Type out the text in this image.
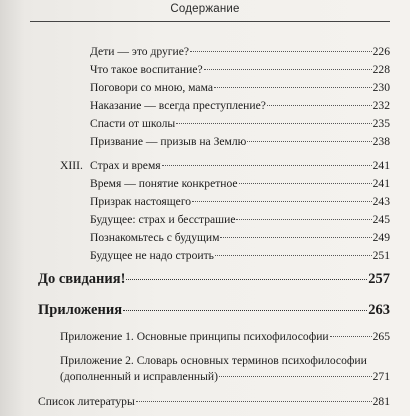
Содержание
Дети — это другие?	226
Что такое воспитание?	228
Поговори со мною, мама	230
Наказание — всегда преступление?	232
Спасти от школы	235
Призвание — призыв на Землю	238
XIII. Страх и время	241
Время — понятие конкретное	241
Призрак настоящего	243
Будущее: страх и бесстрашие	245
Познакомьтесь с будущим	249
Будущее не надо строить	251
До свидания!	257
Приложения	263
Приложение 1. Основные принципы психофилософии	265
Приложение 2. Словарь основных терминов психофилософии
(дополненный и исправленный)	271
Список литературы	281
